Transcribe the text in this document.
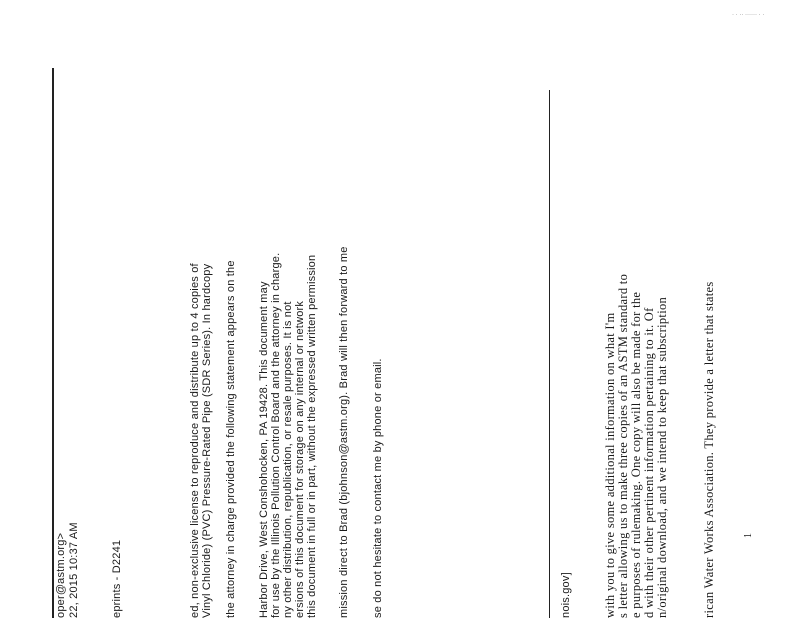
oper@astm.org> 22, 2015 10:37 AM	eprints - D2241	ed, non-exclusive license to reproduce and distribute up to 4 copies of Vinyl Chloride) (PVC) Pressure-Rated Pipe (SDR Series). In hardcopy the attorney in charge provided the following statement appears on the Harbor Drive, West Conshohocken, PA 19428. This document may for use by the Illinois Pollution Control Board and the attorney in charge. ny other distribution, republication, or resale purposes. It is not ersions of this document for storage on any internal or network this document in full or in part, without the expressed written permission mission direct to Brad (bjohnson@astm.org). Brad will then forward to me se do not hesitate to contact me by phone or email.	nois.gov] with you to give some additional information on what I'm s letter allowing us to make three copies of an ASTM standard to e purposes of rulemaking. One copy will also be made for the d with their other pertinent information pertaining to it. Of n/original download, and we intend to keep that subscription	rican Water Works Association. They provide a letter that states	1
· · ·· ······ · ·
